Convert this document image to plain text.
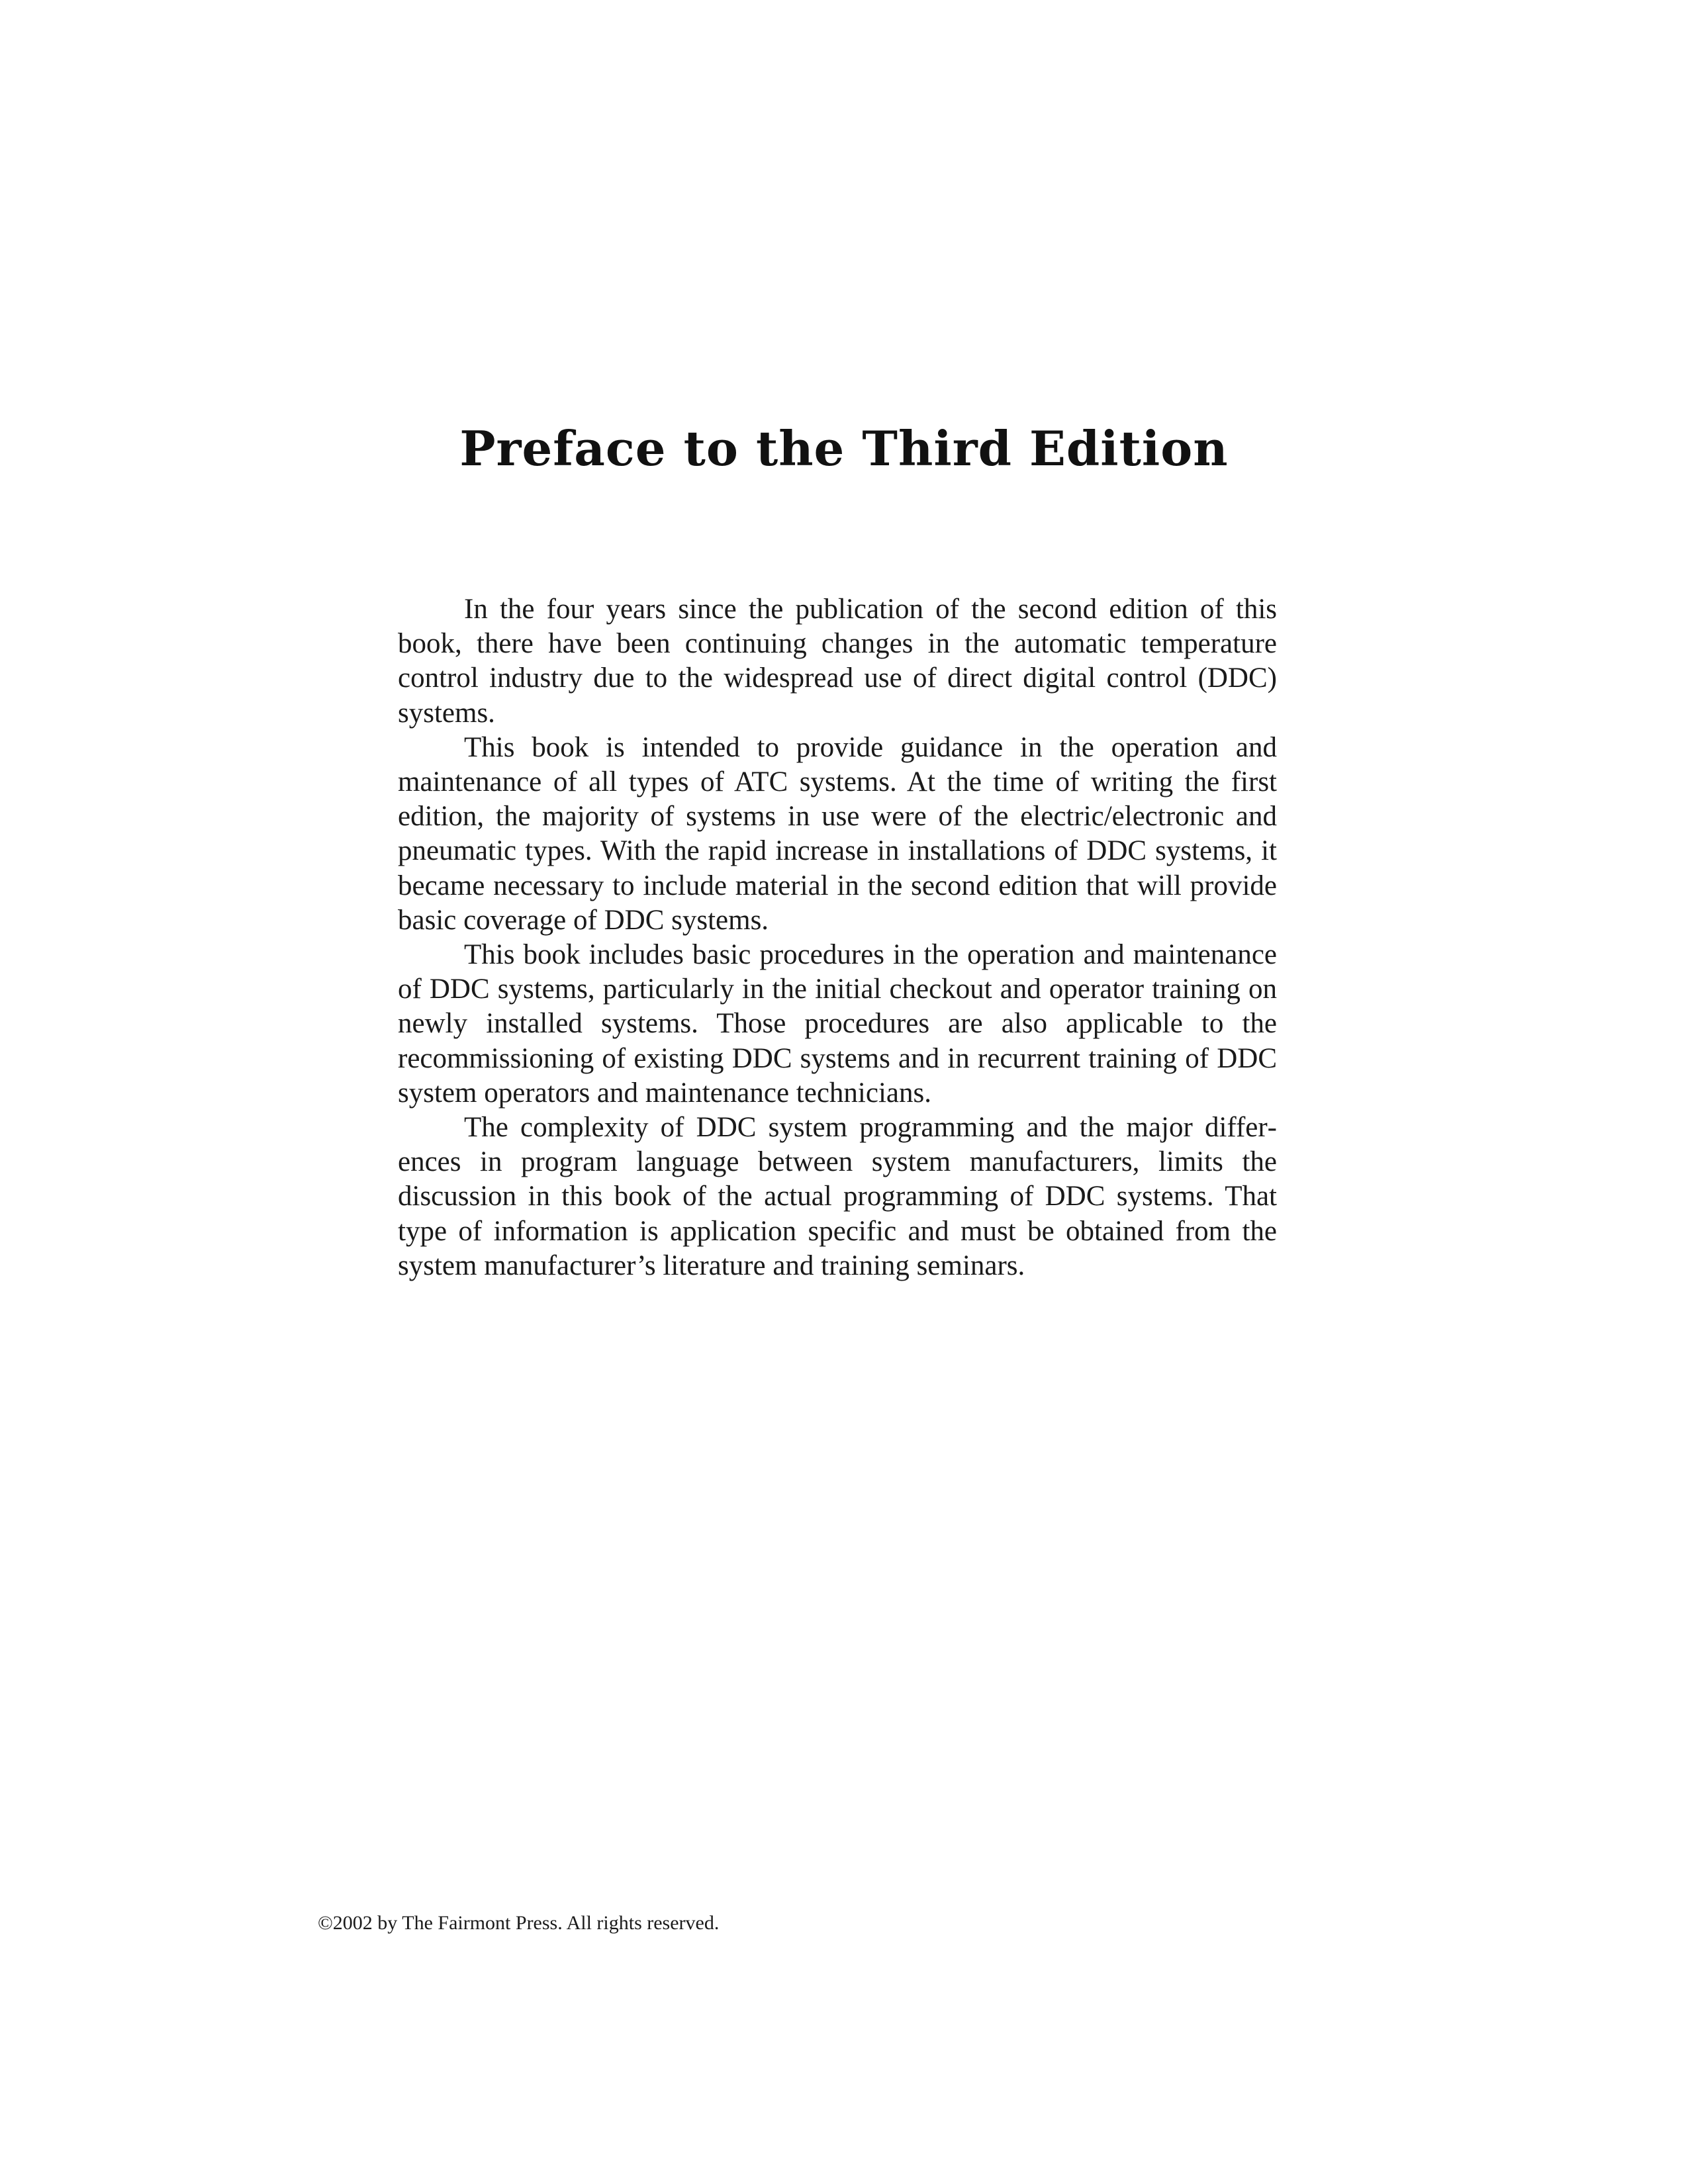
Preface to the Third Edition

In the four years since the publication of the second edition of this book, there have been continuing changes in the automatic temperature control industry due to the widespread use of direct digital control (DDC) systems.

This book is intended to provide guidance in the operation and maintenance of all types of ATC systems. At the time of writing the first edition, the majority of systems in use were of the electric/electronic and pneumatic types. With the rapid increase in installations of DDC systems, it became necessary to include material in the second edition that will provide basic coverage of DDC systems.

This book includes basic procedures in the operation and maintenance of DDC systems, particularly in the initial checkout and operator training on newly installed systems. Those procedures are also applicable to the recommissioning of existing DDC systems and in recurrent training of DDC system operators and maintenance technicians.

The complexity of DDC system programming and the major differences in program language between system manufacturers, limits the discussion in this book of the actual programming of DDC systems. That type of information is application specific and must be obtained from the system manufacturer’s literature and training seminars.

©2002 by The Fairmont Press. All rights reserved.
